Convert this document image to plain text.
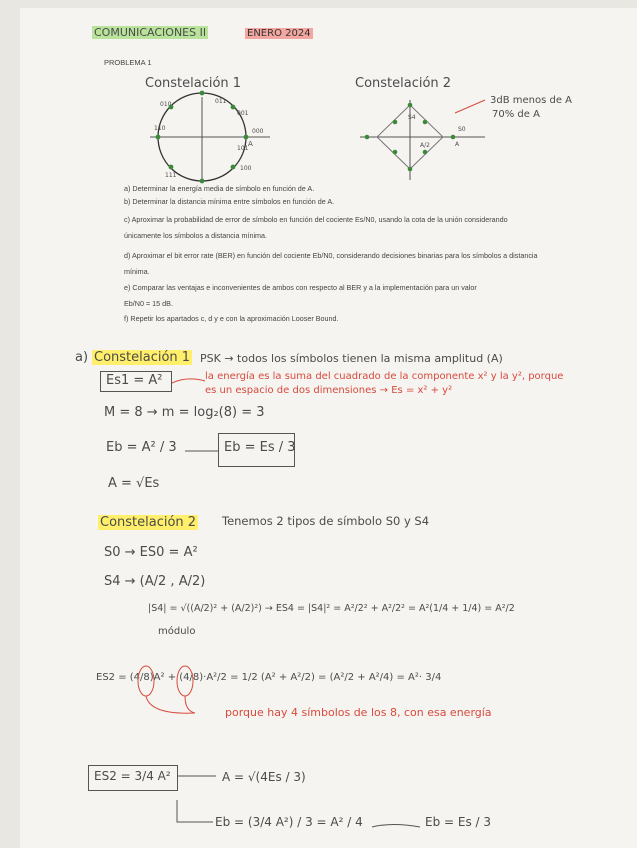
COMUNICACIONES II	ENERO 2024
PROBLEMA 1
Constelación 1	Constelación 2
010	011
001
110	000
111
100
101
A
S4
S0
A/2	A
3dB menos de A
70% de A
a) Determinar la energía media de símbolo en función de A.
b) Determinar la distancia mínima entre símbolos en función de A.
c) Aproximar la probabilidad de error de símbolo en función del cociente Es/N0, usando la cota de la unión considerando únicamente los símbolos a distancia mínima.
d) Aproximar el bit error rate (BER) en función del cociente Eb/N0, considerando decisiones binarias para los símbolos a distancia mínima.
e) Comparar las ventajas e inconvenientes de ambos con respecto al BER y a la implementación para un valor Eb/N0 = 15 dB.
f) Repetir los apartados c, d y e con la aproximación Looser Bound.
a) Constelación 1 PSK → todos los símbolos tienen la misma amplitud (A)
Es1 = A²	la energía es la suma del cuadrado de la componente x² y la y², porque
es un espacio de dos dimensiones → Es = x² + y²
M = 8 → m = log₂(8) = 3
Eb = A² / 3	Eb = Es / 3
A = √Es
Constelación 2 Tenemos 2 tipos de símbolo S0 y S4
S0 → ES0 = A²
S4 → (A/2 , A/2)
|S4| = √((A/2)² + (A/2)²) → ES4 = |S4|² = A²/2² + A²/2² = A²(1/4 + 1/4) = A²/2
módulo
ES2 = (4/8)A² + (4/8)·A²/2 = 1/2 (A² + A²/2) = (A²/2 + A²/4) = A²· 3/4
porque hay 4 símbolos de los 8, con esa energía
ES2 = 3/4 A²	A = √(4Es / 3)
Eb = (3/4 A²) / 3 = A² / 4	Eb = Es / 3
